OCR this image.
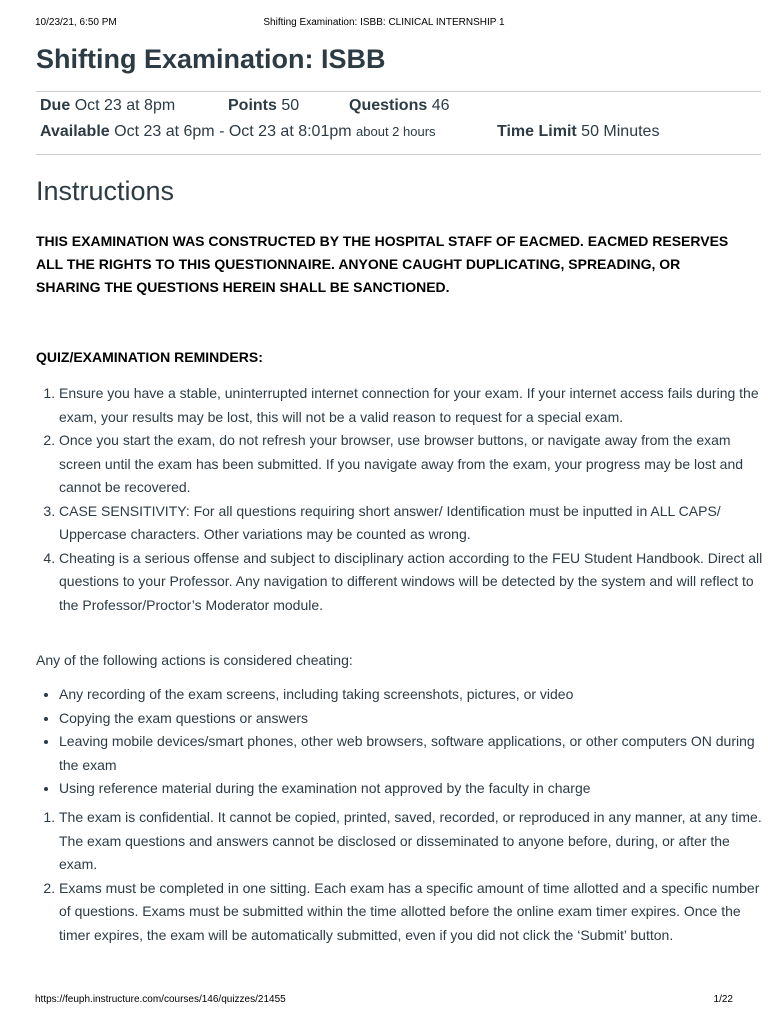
10/23/21, 6:50 PM	Shifting Examination: ISBB: CLINICAL INTERNSHIP 1
Shifting Examination: ISBB
Due Oct 23 at 8pm	Points 50	Questions 46
Available Oct 23 at 6pm - Oct 23 at 8:01pm about 2 hours	Time Limit 50 Minutes
Instructions

THIS EXAMINATION WAS CONSTRUCTED BY THE HOSPITAL STAFF OF EACMED. EACMED RESERVES ALL THE RIGHTS TO THIS QUESTIONNAIRE. ANYONE CAUGHT DUPLICATING, SPREADING, OR SHARING THE QUESTIONS HEREIN SHALL BE SANCTIONED.

QUIZ/EXAMINATION REMINDERS:

1. Ensure you have a stable, uninterrupted internet connection for your exam. If your internet access fails during the exam, your results may be lost, this will not be a valid reason to request for a special exam.
2. Once you start the exam, do not refresh your browser, use browser buttons, or navigate away from the exam screen until the exam has been submitted. If you navigate away from the exam, your progress may be lost and cannot be recovered.
3. CASE SENSITIVITY: For all questions requiring short answer/ Identification must be inputted in ALL CAPS/ Uppercase characters. Other variations may be counted as wrong.
4. Cheating is a serious offense and subject to disciplinary action according to the FEU Student Handbook. Direct all questions to your Professor. Any navigation to different windows will be detected by the system and will reflect to the Professor/Proctor’s Moderator module.

Any of the following actions is considered cheating:

• Any recording of the exam screens, including taking screenshots, pictures, or video
• Copying the exam questions or answers
• Leaving mobile devices/smart phones, other web browsers, software applications, or other computers ON during the exam
• Using reference material during the examination not approved by the faculty in charge
1. The exam is confidential. It cannot be copied, printed, saved, recorded, or reproduced in any manner, at any time. The exam questions and answers cannot be disclosed or disseminated to anyone before, during, or after the exam.
2. Exams must be completed in one sitting. Each exam has a specific amount of time allotted and a specific number of questions. Exams must be submitted within the time allotted before the online exam timer expires. Once the timer expires, the exam will be automatically submitted, even if you did not click the ‘Submit’ button.
https://feuph.instructure.com/courses/146/quizzes/21455	1/22
